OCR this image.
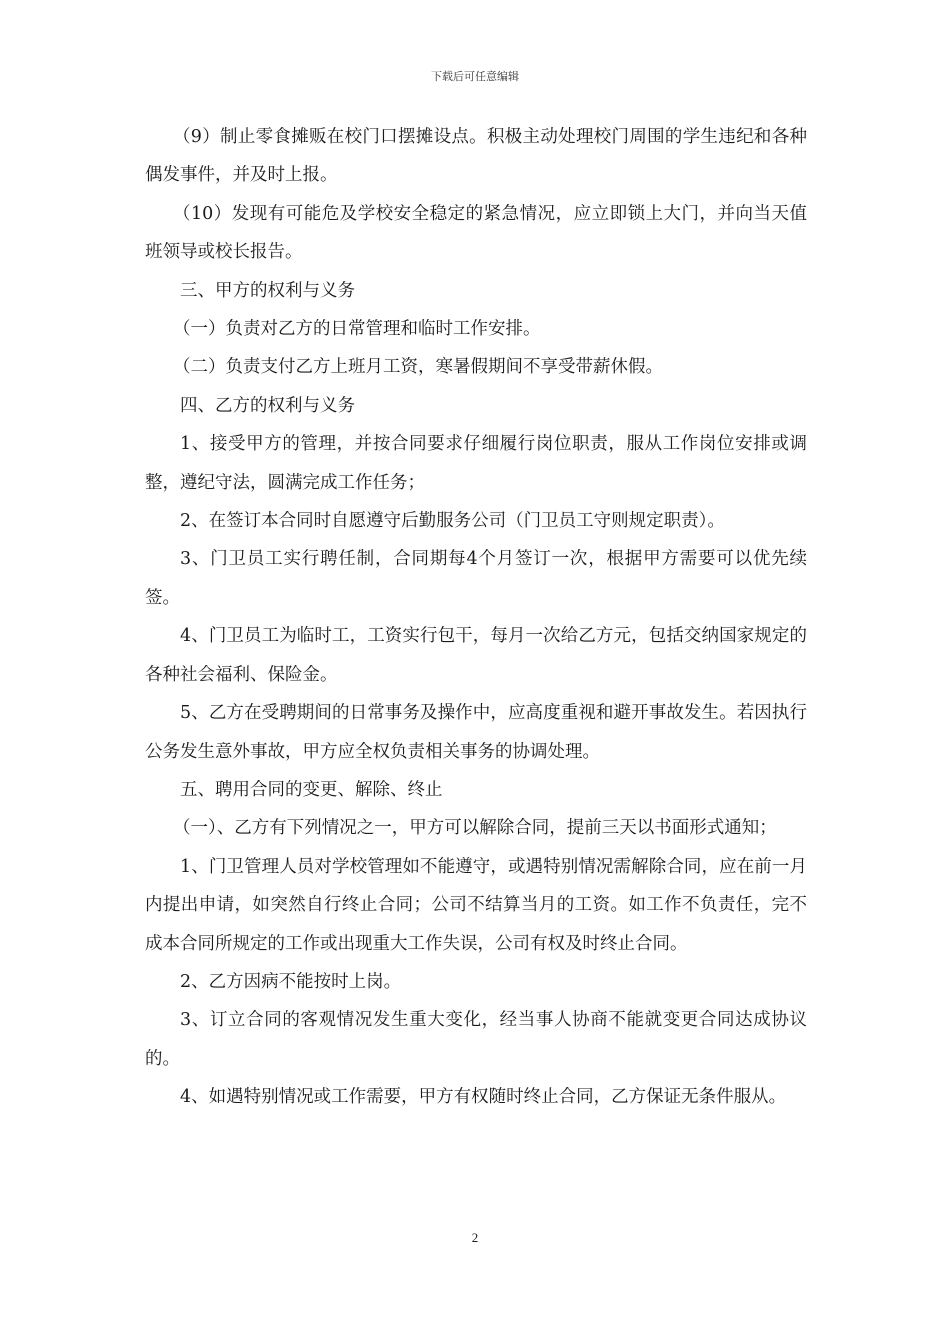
下载后可任意编辑

（9）制止零食摊贩在校门口摆摊设点。积极主动处理校门周围的学生违纪和各种偶发事件，并及时上报。

（10）发现有可能危及学校安全稳定的紧急情况，应立即锁上大门，并向当天值班领导或校长报告。

三、甲方的权利与义务

（一）负责对乙方的日常管理和临时工作安排。

（二）负责支付乙方上班月工资，寒暑假期间不享受带薪休假。

四、乙方的权利与义务

1、接受甲方的管理，并按合同要求仔细履行岗位职责，服从工作岗位安排或调整，遵纪守法，圆满完成工作任务；

2、在签订本合同时自愿遵守后勤服务公司（门卫员工守则规定职责）。

3、门卫员工实行聘任制，合同期每4个月签订一次，根据甲方需要可以优先续签。

4、门卫员工为临时工，工资实行包干，每月一次给乙方元，包括交纳国家规定的各种社会福利、保险金。

5、乙方在受聘期间的日常事务及操作中，应高度重视和避开事故发生。若因执行公务发生意外事故，甲方应全权负责相关事务的协调处理。

五、聘用合同的变更、解除、终止

（一）、乙方有下列情况之一，甲方可以解除合同，提前三天以书面形式通知；

1、门卫管理人员对学校管理如不能遵守，或遇特别情况需解除合同，应在前一月内提出申请，如突然自行终止合同；公司不结算当月的工资。如工作不负责任，完不成本合同所规定的工作或出现重大工作失误，公司有权及时终止合同。

2、乙方因病不能按时上岗。

3、订立合同的客观情况发生重大变化，经当事人协商不能就变更合同达成协议的。

4、如遇特别情况或工作需要，甲方有权随时终止合同，乙方保证无条件服从。

2
